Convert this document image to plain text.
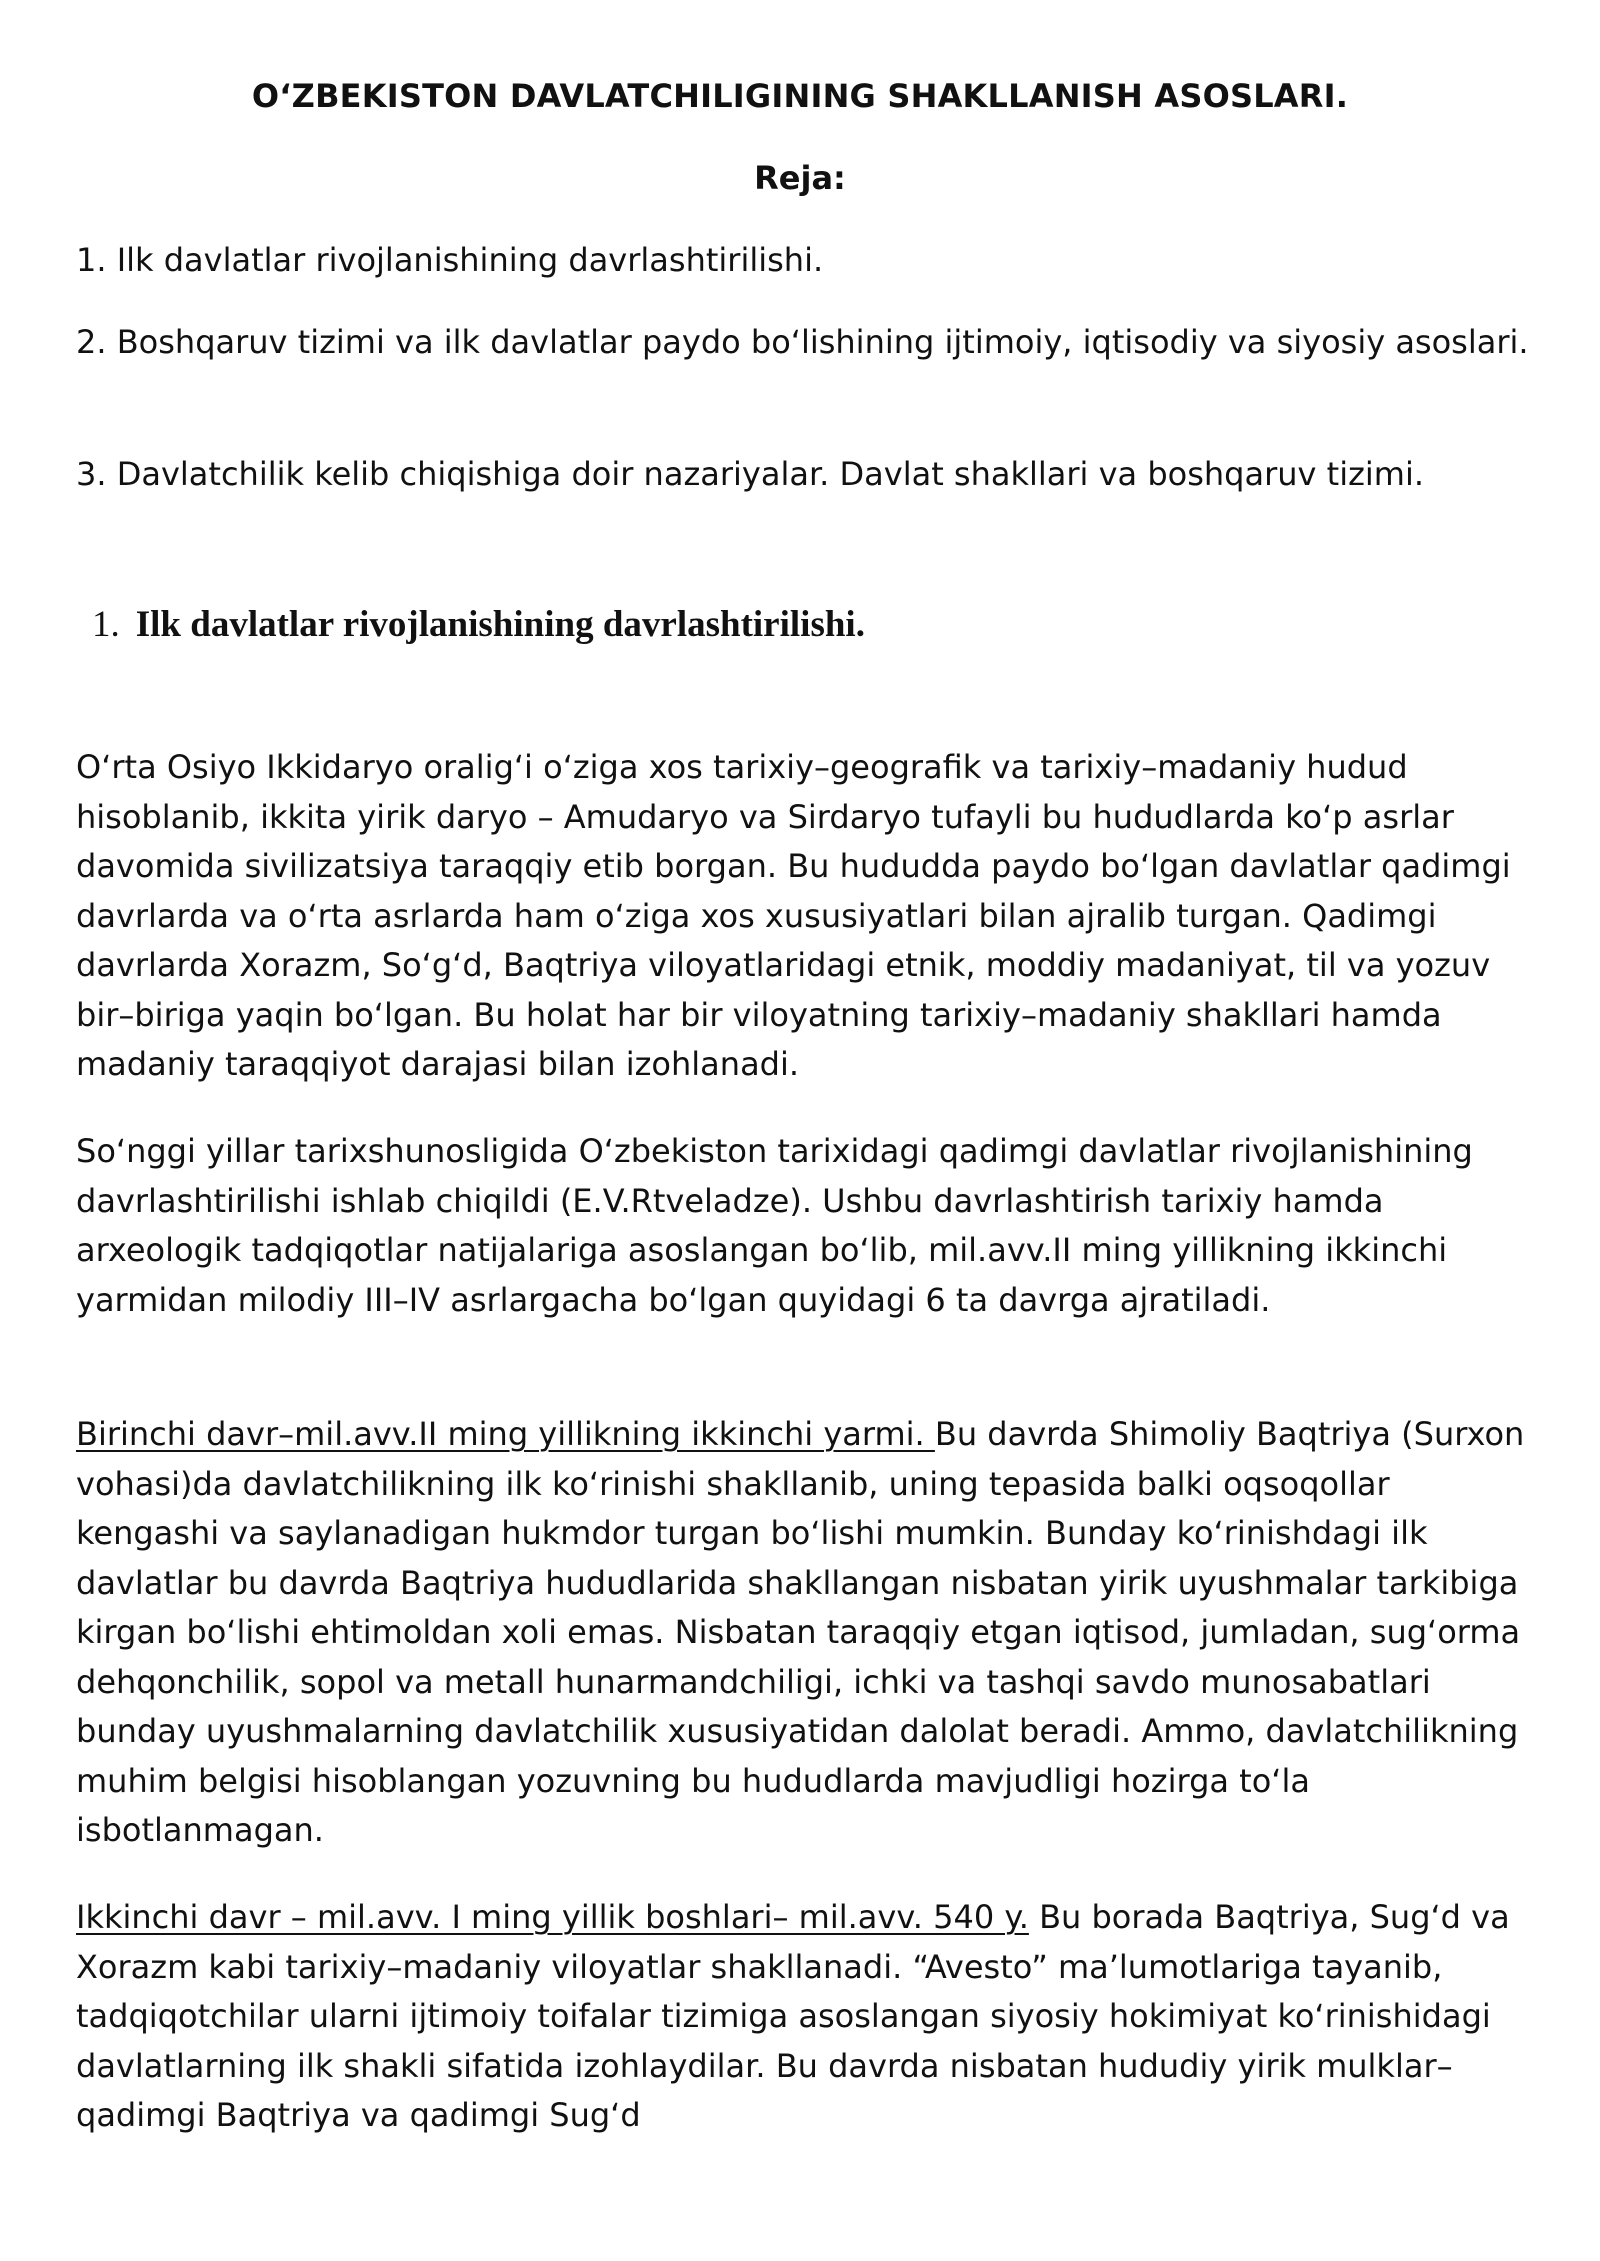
O‘ZBEKISTON DAVLATCHILIGINING SHAKLLANISH ASOSLARI.
Reja:
1. Ilk davlatlar rivojlanishining davrlashtirilishi.
2. Boshqaruv tizimi va ilk davlatlar paydo bo‘lishining ijtimoiy, iqtisodiy va siyosiy asoslari.
3. Davlatchilik kelib chiqishiga doir nazariyalar. Davlat shakllari va boshqaruv tizimi.
1. Ilk davlatlar rivojlanishining davrlashtirilishi.

O‘rta Osiyo Ikkidaryo oralig‘i o‘ziga xos tarixiy–geografik va tarixiy–madaniy hudud hisoblanib, ikkita yirik daryo – Amudaryo va Sirdaryo tufayli bu hududlarda ko‘p asrlar davomida sivilizatsiya taraqqiy etib borgan. Bu hududda paydo bo‘lgan davlatlar qadimgi davrlarda va o‘rta asrlarda ham o‘ziga xos xususiyatlari bilan ajralib turgan. Qadimgi davrlarda Xorazm, So‘g‘d, Baqtriya viloyatlaridagi etnik, moddiy madaniyat, til va yozuv bir–biriga yaqin bo‘lgan. Bu holat har bir viloyatning tarixiy–madaniy shakllari hamda madaniy taraqqiyot darajasi bilan izohlanadi.

So‘nggi yillar tarixshunosligida O‘zbekiston tarixidagi qadimgi davlatlar rivojlanishining davrlashtirilishi ishlab chiqildi (E.V.Rtveladze). Ushbu davrlashtirish tarixiy hamda arxeologik tadqiqotlar natijalariga asoslangan bo‘lib, mil.avv.II ming yillikning ikkinchi yarmidan milodiy III–IV asrlargacha bo‘lgan quyidagi 6 ta davrga ajratiladi.

Birinchi davr–mil.avv.II ming yillikning ikkinchi yarmi. Bu davrda Shimoliy Baqtriya (Surxon vohasi)da davlatchilikning ilk ko‘rinishi shakllanib, uning tepasida balki oqsoqollar kengashi va saylanadigan hukmdor turgan bo‘lishi mumkin. Bunday ko‘rinishdagi ilk davlatlar bu davrda Baqtriya hududlarida shakllangan nisbatan yirik uyushmalar tarkibiga kirgan bo‘lishi ehtimoldan xoli emas. Nisbatan taraqqiy etgan iqtisod, jumladan, sug‘orma dehqonchilik, sopol va metall hunarmandchiligi, ichki va tashqi savdo munosabatlari bunday uyushmalarning davlatchilik xususiyatidan dalolat beradi. Ammo, davlatchilikning muhim belgisi hisoblangan yozuvning bu hududlarda mavjudligi hozirga to‘la isbotlanmagan.

Ikkinchi davr – mil.avv. I ming yillik boshlari– mil.avv. 540 y. Bu borada Baqtriya, Sug‘d va Xorazm kabi tarixiy–madaniy viloyatlar shakllanadi. “Avesto” ma’lumotlariga tayanib, tadqiqotchilar ularni ijtimoiy toifalar tizimiga asoslangan siyosiy hokimiyat ko‘rinishidagi davlatlarning ilk shakli sifatida izohlaydilar. Bu davrda nisbatan hududiy yirik mulklar–qadimgi Baqtriya va qadimgi Sug‘d
